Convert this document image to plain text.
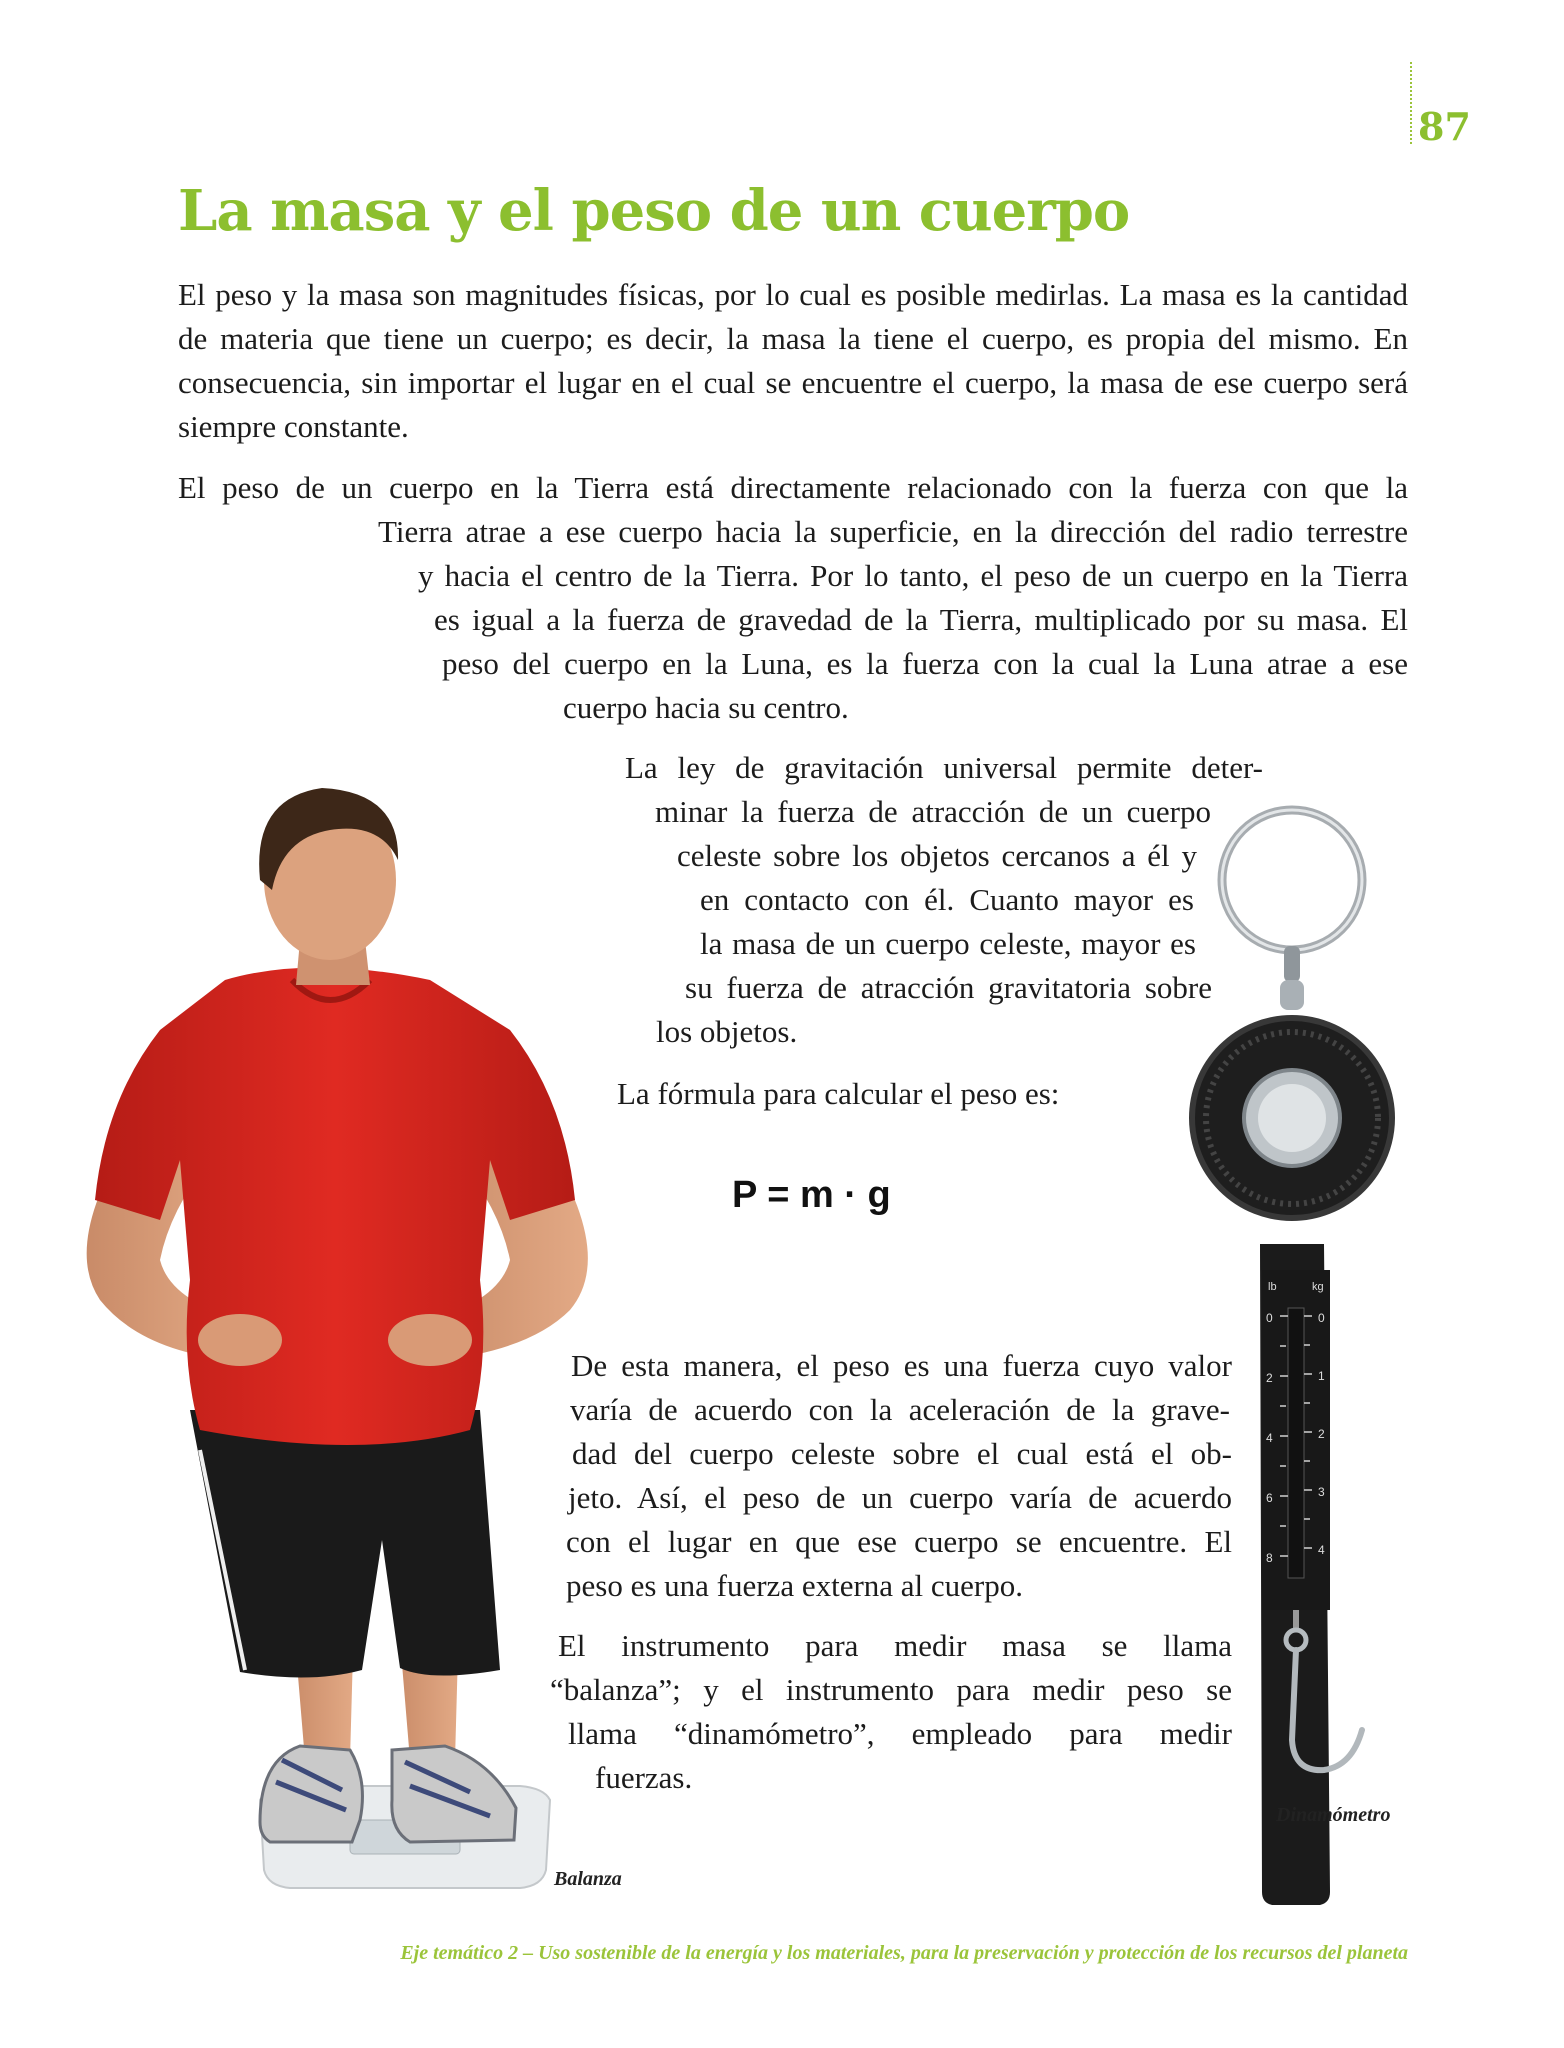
87
La masa y el peso de un cuerpo
El peso y la masa son magnitudes físicas, por lo cual es posible medirlas. La masa es la cantidad
de materia que tiene un cuerpo; es decir, la masa la tiene el cuerpo, es propia del mismo. En
consecuencia, sin importar el lugar en el cual se encuentre el cuerpo, la masa de ese cuerpo será
siempre constante.
El peso de un cuerpo en la Tierra está directamente relacionado con la fuerza con que la
Tierra atrae a ese cuerpo hacia la superficie, en la dirección del radio terrestre
y hacia el centro de la Tierra. Por lo tanto, el peso de un cuerpo en la Tierra
es igual a la fuerza de gravedad de la Tierra, multiplicado por su masa. El
peso del cuerpo en la Luna, es la fuerza con la cual la Luna atrae a ese
cuerpo hacia su centro.
La ley de gravitación universal permite deter-
minar la fuerza de atracción de un cuerpo
celeste sobre los objetos cercanos a él y
en contacto con él. Cuanto mayor es
la masa de un cuerpo celeste, mayor es
su fuerza de atracción gravitatoria sobre
los objetos.
La fórmula para calcular el peso es:
P = m · g
De esta manera, el peso es una fuerza cuyo valor
varía de acuerdo con la aceleración de la grave-
dad del cuerpo celeste sobre el cual está el ob-
jeto. Así, el peso de un cuerpo varía de acuerdo
con el lugar en que ese cuerpo se encuentre. El
peso es una fuerza externa al cuerpo.
El instrumento para medir masa se llama
“balanza”; y el instrumento para medir peso se
llama “dinamómetro”, empleado para medir
fuerzas.
Balanza
lb	kg
0
2
4
6
8
0
1
2
3
4
Dinamómetro
Eje temático 2 – Uso sostenible de la energía y los materiales, para la preservación y protección de los recursos del planeta
